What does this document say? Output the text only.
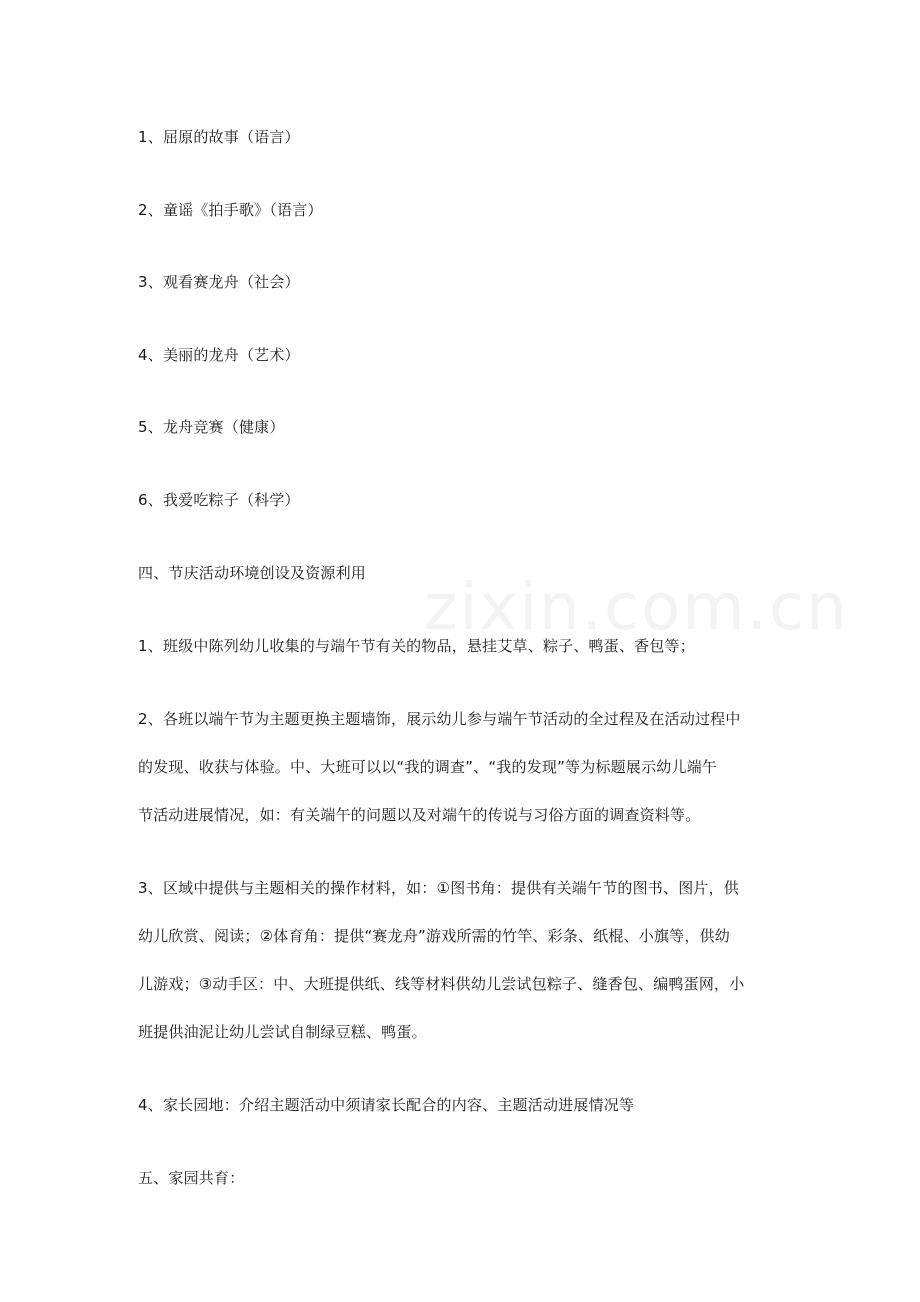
zixin.com.cn
1、屈原的故事（语言）
2、童谣《拍手歌》（语言）
3、观看赛龙舟（社会）
4、美丽的龙舟（艺术）
5、龙舟竞赛（健康）
6、我爱吃粽子（科学）
四、节庆活动环境创设及资源利用
1、班级中陈列幼儿收集的与端午节有关的物品，悬挂艾草、粽子、鸭蛋、香包等；
2、各班以端午节为主题更换主题墙饰，展示幼儿参与端午节活动的全过程及在活动过程中
的发现、收获与体验。中、大班可以以“我的调查”、“我的发现”等为标题展示幼儿端午
节活动进展情况，如：有关端午的问题以及对端午的传说与习俗方面的调查资料等。
3、区域中提供与主题相关的操作材料，如：①图书角：提供有关端午节的图书、图片，供
幼儿欣赏、阅读；②体育角：提供“赛龙舟”游戏所需的竹竿、彩条、纸棍、小旗等，供幼
儿游戏；③动手区：中、大班提供纸、线等材料供幼儿尝试包粽子、缝香包、编鸭蛋网，小
班提供油泥让幼儿尝试自制绿豆糕、鸭蛋。
4、家长园地：介绍主题活动中须请家长配合的内容、主题活动进展情况等
五、家园共育：
